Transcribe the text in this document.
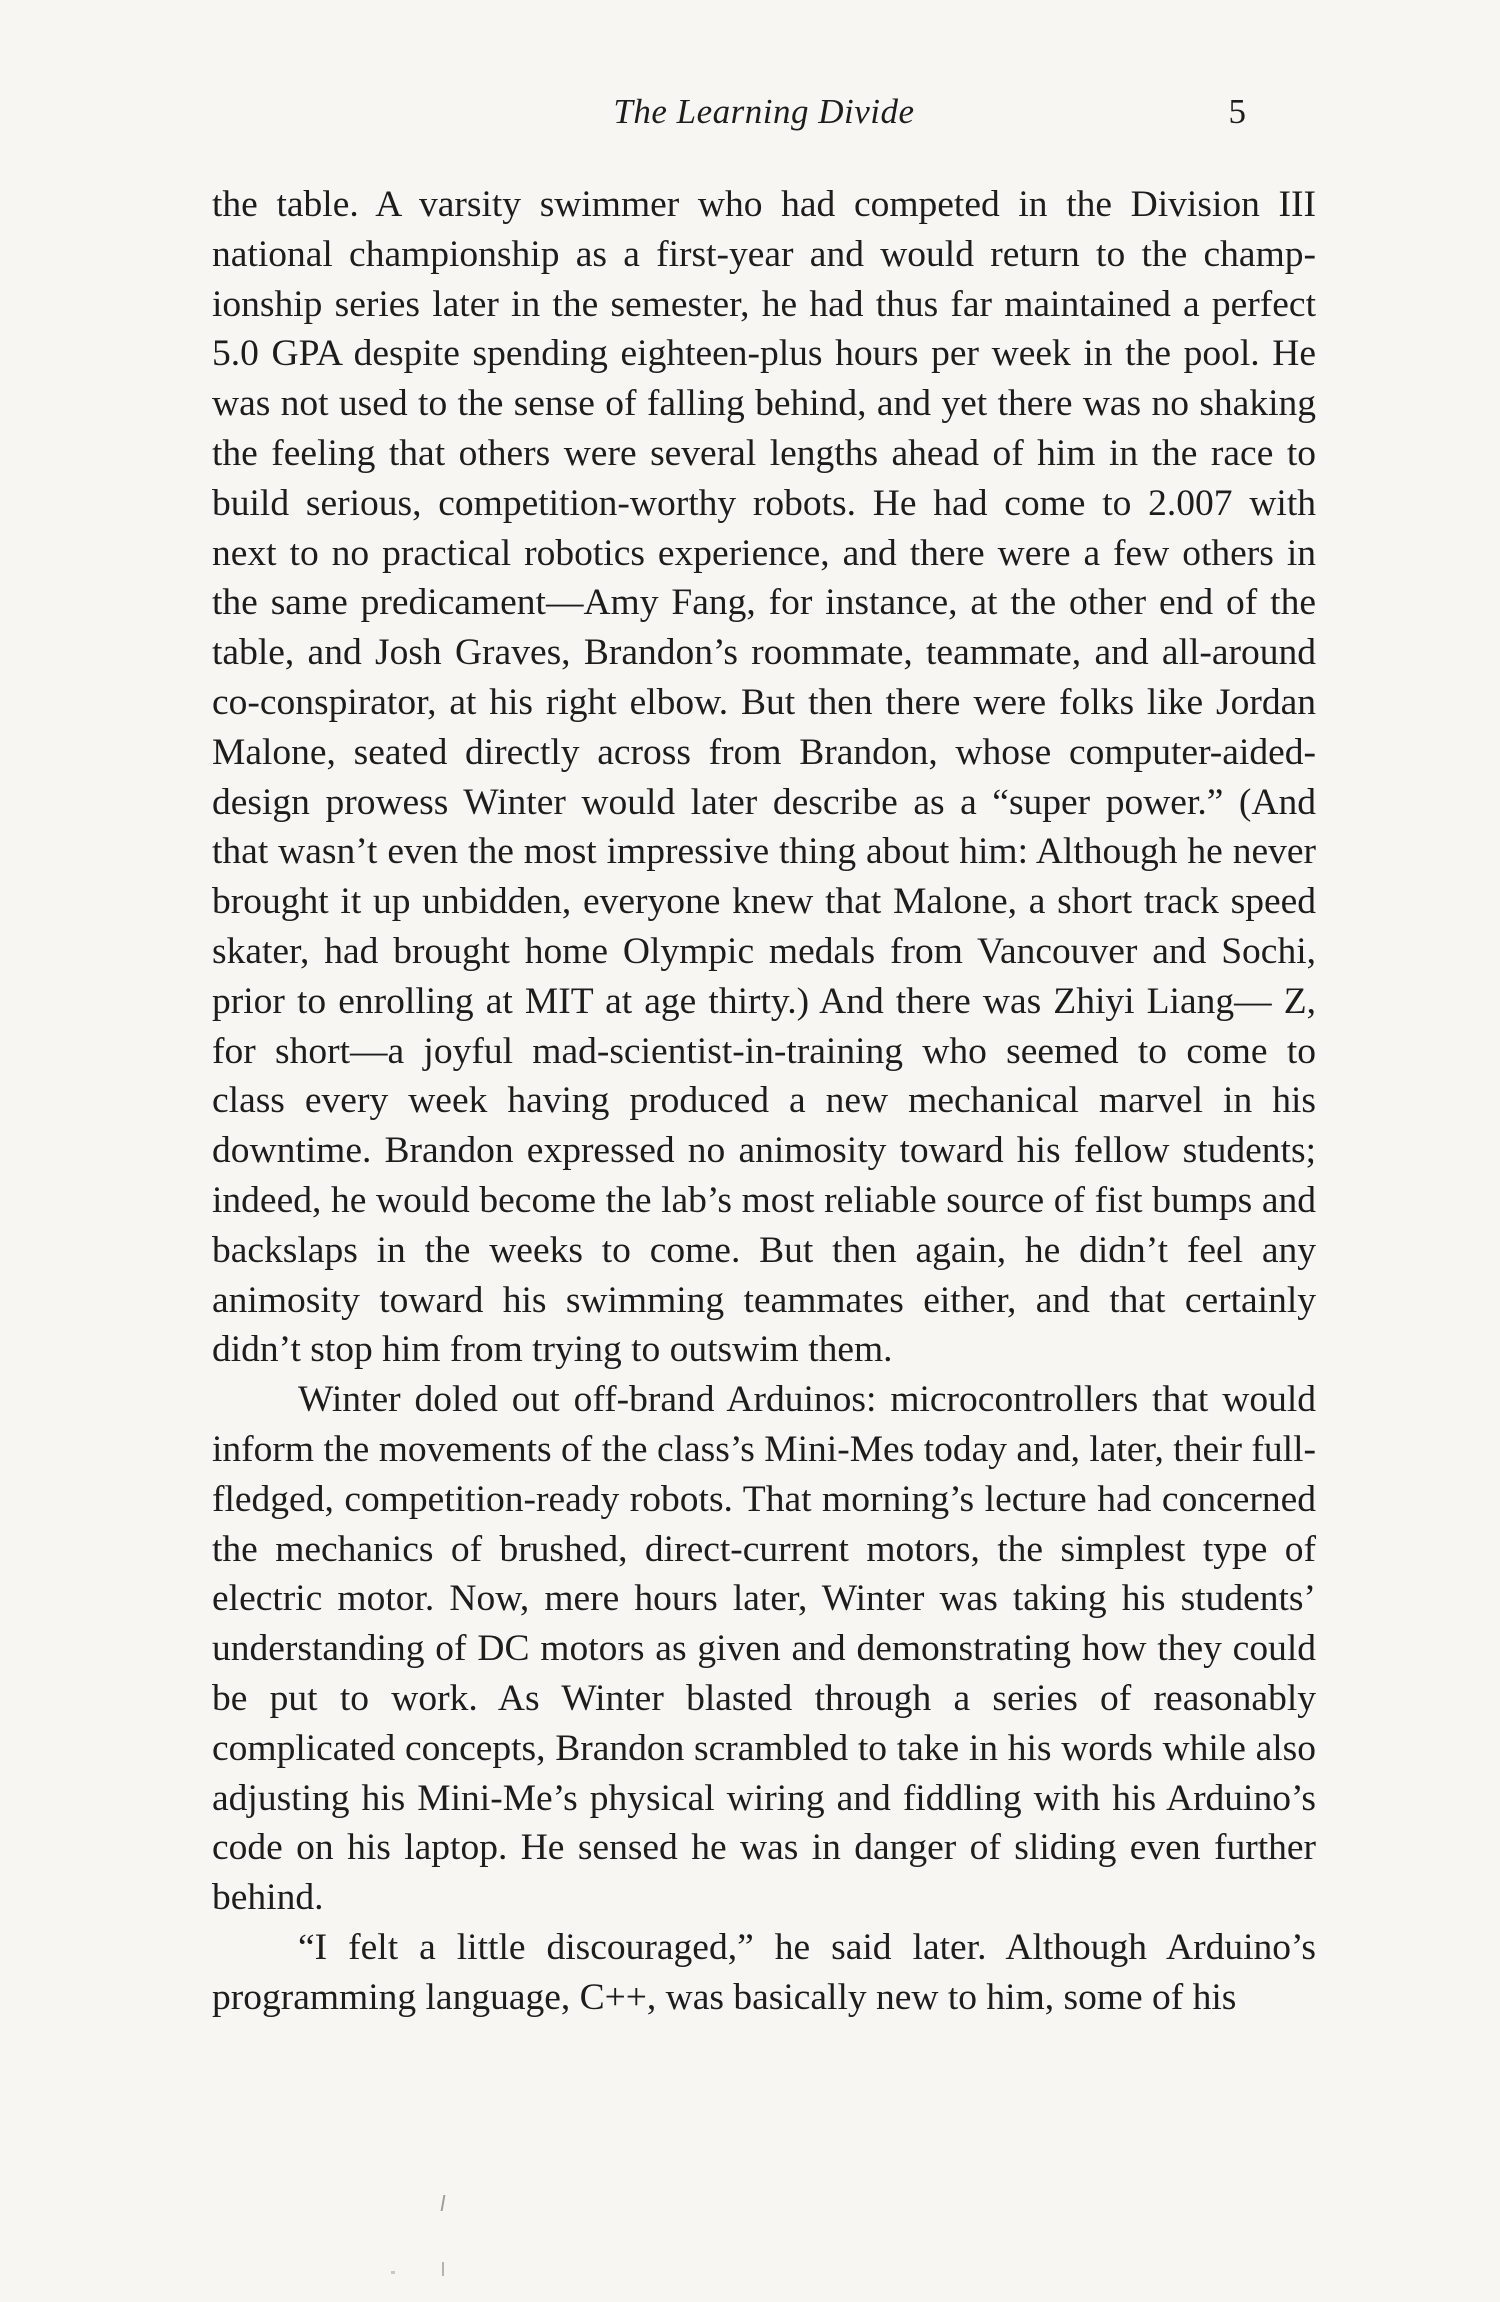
The Learning Divide	5

the table. A varsity swimmer who had competed in the Division III national championship as a first-year and would return to the championship series later in the semester, he had thus far maintained a perfect 5.0 GPA despite spending eighteen-plus hours per week in the pool. He was not used to the sense of falling behind, and yet there was no shaking the feeling that others were several lengths ahead of him in the race to build serious, competition-worthy robots. He had come to 2.007 with next to no practical robotics experience, and there were a few others in the same predicament—Amy Fang, for instance, at the other end of the table, and Josh Graves, Brandon’s roommate, teammate, and all-around co-conspirator, at his right elbow. But then there were folks like Jordan Malone, seated directly across from Brandon, whose computer-aided-design prowess Winter would later describe as a “super power.” (And that wasn’t even the most impressive thing about him: Although he never brought it up unbidden, everyone knew that Malone, a short track speed skater, had brought home Olympic medals from Vancouver and Sochi, prior to enrolling at MIT at age thirty.) And there was Zhiyi Liang— Z, for short—a joyful mad-scientist-in-training who seemed to come to class every week having produced a new mechanical marvel in his downtime. Brandon expressed no animosity toward his fellow students; indeed, he would become the lab’s most reliable source of fist bumps and backslaps in the weeks to come. But then again, he didn’t feel any animosity toward his swimming teammates either, and that certainly didn’t stop him from trying to outswim them.

Winter doled out off-brand Arduinos: microcontrollers that would inform the movements of the class’s Mini-Mes today and, later, their full-fledged, competition-ready robots. That morning’s lecture had concerned the mechanics of brushed, direct-current motors, the simplest type of electric motor. Now, mere hours later, Winter was taking his students’ understanding of DC motors as given and demonstrating how they could be put to work. As Winter blasted through a series of reasonably complicated concepts, Brandon scrambled to take in his words while also adjusting his Mini-Me’s physical wiring and fiddling with his Arduino’s code on his laptop. He sensed he was in danger of sliding even further behind.

“I felt a little discouraged,” he said later. Although Arduino’s programming language, C++, was basically new to him, some of his
